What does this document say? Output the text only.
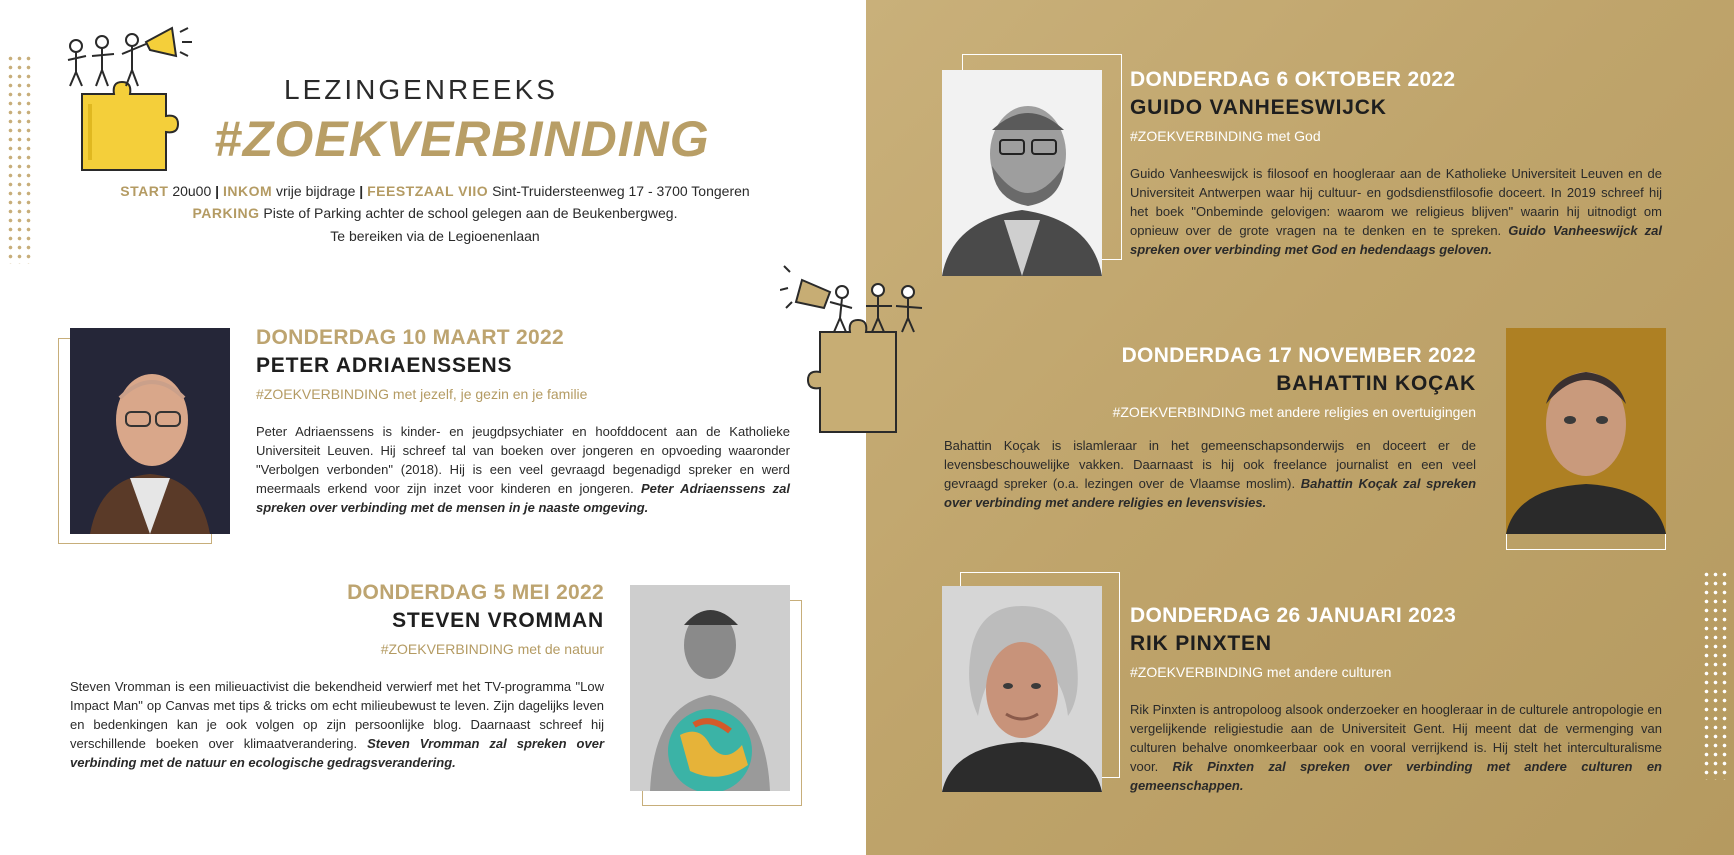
LEZINGENREEKS
#ZOEKVERBINDING
START 20u00 | INKOM vrije bijdrage | FEESTZAAL VIIO Sint-Truidersteenweg 17 - 3700 Tongeren
PARKING Piste of Parking achter de school gelegen aan de Beukenbergweg.
Te bereiken via de Legioenenlaan
DONDERDAG 10 MAART 2022
PETER ADRIAENSSENS
#ZOEKVERBINDING met jezelf, je gezin en je familie
Peter Adriaenssens is kinder- en jeugdpsychiater en hoofddocent aan de Katholieke Universiteit Leuven. Hij schreef tal van boeken over jongeren en opvoeding waaronder "Verbolgen verbonden" (2018). Hij is een veel gevraagd begenadigd spreker en werd meermaals erkend voor zijn inzet voor kinderen en jongeren. Peter Adriaenssens zal spreken over verbinding met de mensen in je naaste omgeving.
DONDERDAG 5 MEI 2022
STEVEN VROMMAN
#ZOEKVERBINDING met de natuur
Steven Vromman is een milieuactivist die bekendheid verwierf met het TV-programma "Low Impact Man" op Canvas met tips & tricks om echt milieubewust te leven. Zijn dagelijks leven en bedenkingen kan je ook volgen op zijn persoonlijke blog. Daarnaast schreef hij verschillende boeken over klimaatverandering. Steven Vromman zal spreken over verbinding met de natuur en ecologische gedragsverandering.
DONDERDAG 6 OKTOBER 2022
GUIDO VANHEESWIJCK
#ZOEKVERBINDING met God
Guido Vanheeswijck is filosoof en hoogleraar aan de Katholieke Universiteit Leuven en de Universiteit Antwerpen waar hij cultuur- en godsdienstfilosofie doceert. In 2019 schreef hij het boek "Onbeminde gelovigen: waarom we religieus blijven" waarin hij uitnodigt om opnieuw over de grote vragen na te denken en te spreken. Guido Vanheeswijck zal spreken over verbinding met God en hedendaags geloven.
DONDERDAG 17 NOVEMBER 2022
BAHATTIN KOÇAK
#ZOEKVERBINDING met andere religies en overtuigingen
Bahattin Koçak is islamleraar in het gemeenschapsonderwijs en doceert er de levensbeschouwelijke vakken. Daarnaast is hij ook freelance journalist en een veel gevraagd spreker (o.a. lezingen over de Vlaamse moslim). Bahattin Koçak zal spreken over verbinding met andere religies en levensvisies.
DONDERDAG 26 JANUARI 2023
RIK PINXTEN
#ZOEKVERBINDING met andere culturen
Rik Pinxten is antropoloog alsook onderzoeker en hoogleraar in de culturele antropologie en vergelijkende religiestudie aan de Universiteit Gent. Hij meent dat de vermenging van culturen behalve onomkeerbaar ook en vooral verrijkend is. Hij stelt het interculturalisme voor. Rik Pinxten zal spreken over verbinding met andere culturen en gemeenschappen.
